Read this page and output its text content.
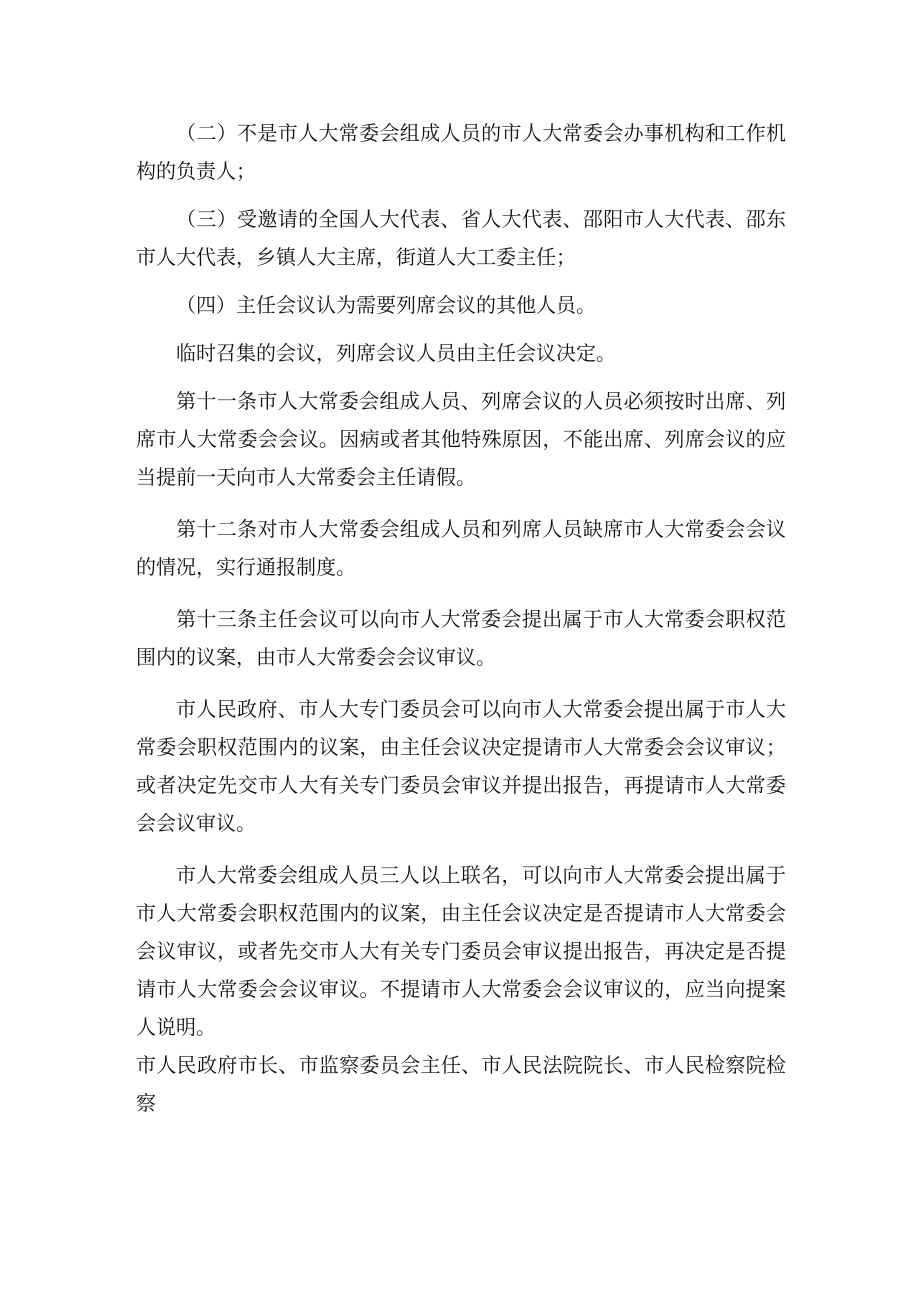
（二）不是市人大常委会组成人员的市人大常委会办事机构和工作机构的负责人；

（三）受邀请的全国人大代表、省人大代表、邵阳市人大代表、邵东市人大代表，乡镇人大主席，街道人大工委主任；

（四）主任会议认为需要列席会议的其他人员。

临时召集的会议，列席会议人员由主任会议决定。

第十一条市人大常委会组成人员、列席会议的人员必须按时出席、列席市人大常委会会议。因病或者其他特殊原因，不能出席、列席会议的应当提前一天向市人大常委会主任请假。

第十二条对市人大常委会组成人员和列席人员缺席市人大常委会会议的情况，实行通报制度。

第十三条主任会议可以向市人大常委会提出属于市人大常委会职权范围内的议案，由市人大常委会会议审议。

市人民政府、市人大专门委员会可以向市人大常委会提出属于市人大常委会职权范围内的议案，由主任会议决定提请市人大常委会会议审议；或者决定先交市人大有关专门委员会审议并提出报告，再提请市人大常委会会议审议。

市人大常委会组成人员三人以上联名，可以向市人大常委会提出属于市人大常委会职权范围内的议案，由主任会议决定是否提请市人大常委会会议审议，或者先交市人大有关专门委员会审议提出报告，再决定是否提请市人大常委会会议审议。不提请市人大常委会会议审议的，应当向提案人说明。

市人民政府市长、市监察委员会主任、市人民法院院长、市人民检察院检察
